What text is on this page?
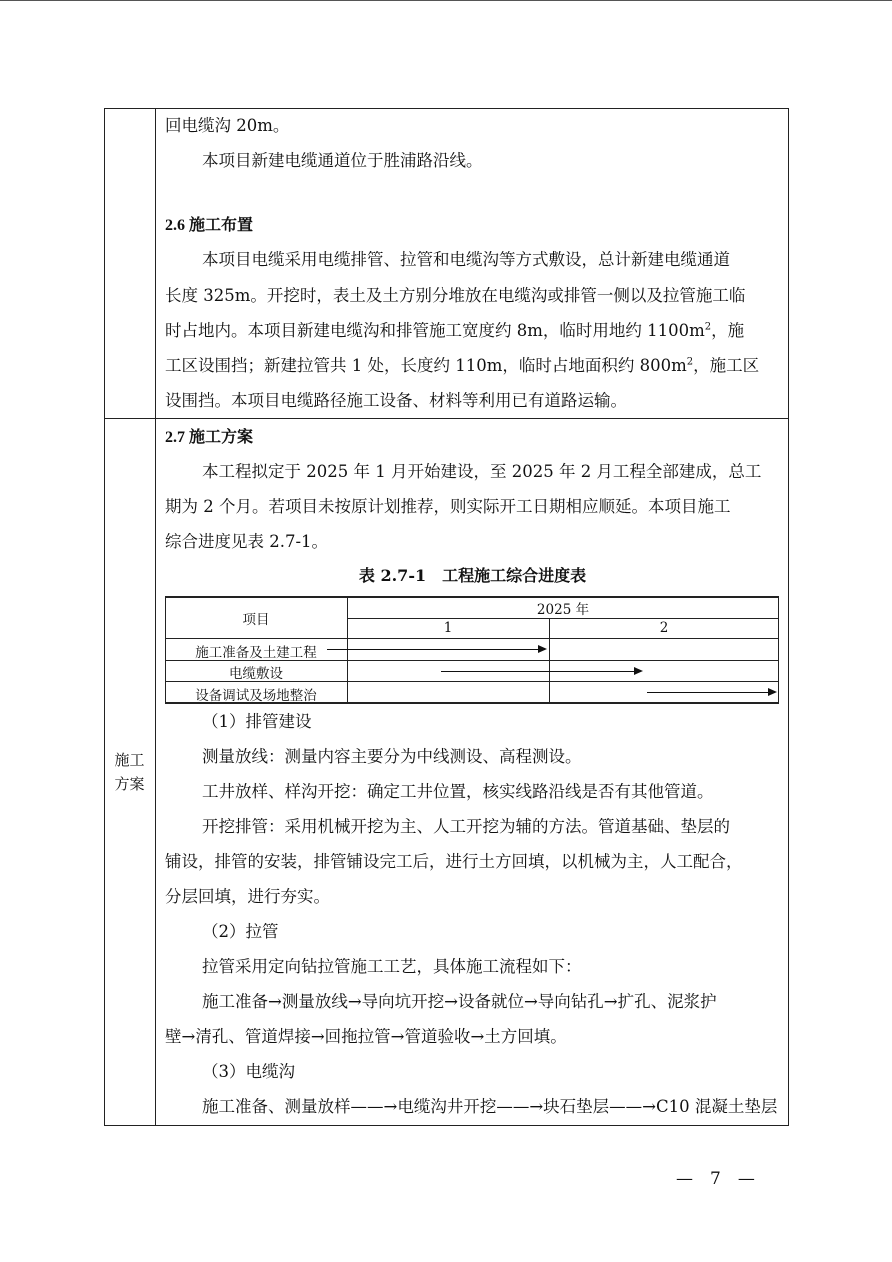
施工方案
回电缆沟 20m。
本项目新建电缆通道位于胜浦路沿线。
2.6 施工布置
本项目电缆采用电缆排管、拉管和电缆沟等方式敷设，总计新建电缆通道
长度 325m。开挖时，表土及土方别分堆放在电缆沟或排管一侧以及拉管施工临
时占地内。本项目新建电缆沟和排管施工宽度约 8m，临时用地约 $1100m^2$，施
工区设围挡；新建拉管共 1 处，长度约 110m，临时占地面积约 $800m^2$，施工区
设围挡。本项目电缆路径施工设备、材料等利用已有道路运输。
2.7 施工方案
本工程拟定于 2025 年 1 月开始建设，至 2025 年 2 月工程全部建成，总工
期为 2 个月。若项目未按原计划推荐，则实际开工日期相应顺延。本项目施工
综合进度见表 2.7-1。
表 2.7-1　工程施工综合进度表
项目
2025 年
1	2
施工准备及土建工程
电缆敷设
设备调试及场地整治
（1）排管建设
测量放线：测量内容主要分为中线测设、高程测设。
工井放样、样沟开挖：确定工井位置，核实线路沿线是否有其他管道。
开挖排管：采用机械开挖为主、人工开挖为辅的方法。管道基础、垫层的
铺设，排管的安装，排管铺设完工后，进行土方回填，以机械为主，人工配合，
分层回填，进行夯实。
（2）拉管
拉管采用定向钻拉管施工工艺，具体施工流程如下：
施工准备→测量放线→导向坑开挖→设备就位→导向钻孔→扩孔、泥浆护
壁→清孔、管道焊接→回拖拉管→管道验收→土方回填。
（3）电缆沟
施工准备、测量放样——→电缆沟井开挖——→块石垫层——→C10 混凝土垫层
—　7　—
